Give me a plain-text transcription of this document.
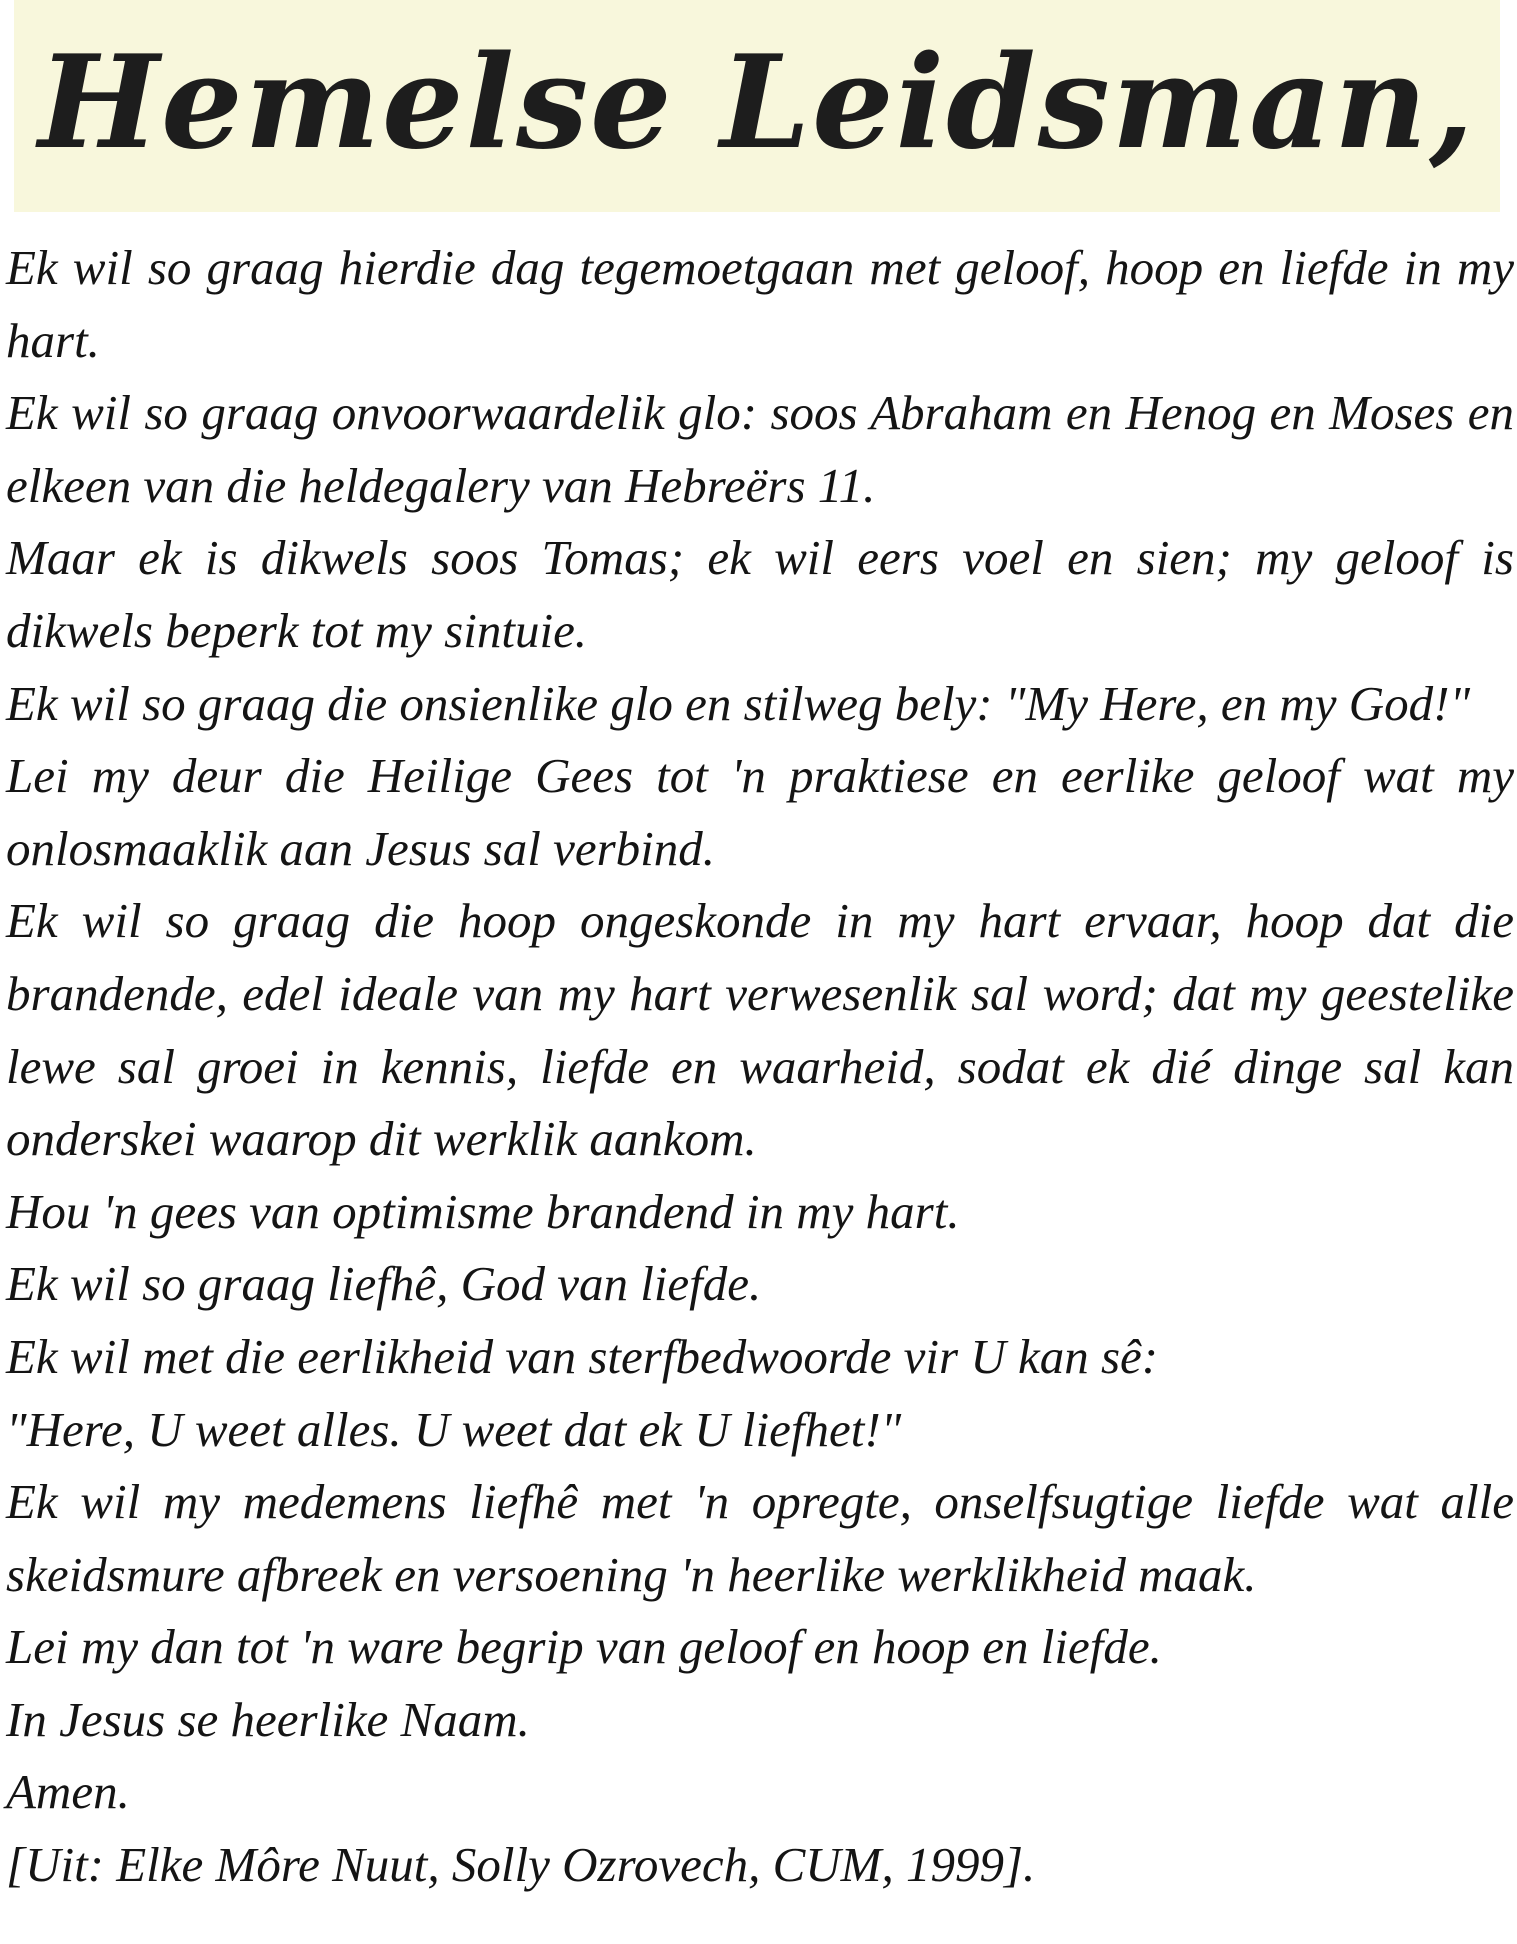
Hemelse Leidsman,

Ek wil so graag hierdie dag tegemoetgaan met geloof, hoop en liefde in my hart.

Ek wil so graag onvoorwaardelik glo: soos Abraham en Henog en Moses en elkeen van die heldegalery van Hebreërs 11.

Maar ek is dikwels soos Tomas; ek wil eers voel en sien; my geloof is dikwels beperk tot my sintuie.

Ek wil so graag die onsienlike glo en stilweg bely: "My Here, en my God!"

Lei my deur die Heilige Gees tot 'n praktiese en eerlike geloof wat my onlosmaaklik aan Jesus sal verbind.

Ek wil so graag die hoop ongeskonde in my hart ervaar, hoop dat die brandende, edel ideale van my hart verwesenlik sal word; dat my geestelike lewe sal groei in kennis, liefde en waarheid, sodat ek dié dinge sal kan onderskei waarop dit werklik aankom.

Hou 'n gees van optimisme brandend in my hart.

Ek wil so graag liefhê, God van liefde.

Ek wil met die eerlikheid van sterfbedwoorde vir U kan sê:

"Here, U weet alles. U weet dat ek U liefhet!"

Ek wil my medemens liefhê met 'n opregte, onselfsugtige liefde wat alle skeidsmure afbreek en versoening 'n heerlike werklikheid maak.

Lei my dan tot 'n ware begrip van geloof en hoop en liefde.

In Jesus se heerlike Naam.

Amen.

[Uit: Elke Môre Nuut, Solly Ozrovech, CUM, 1999].
